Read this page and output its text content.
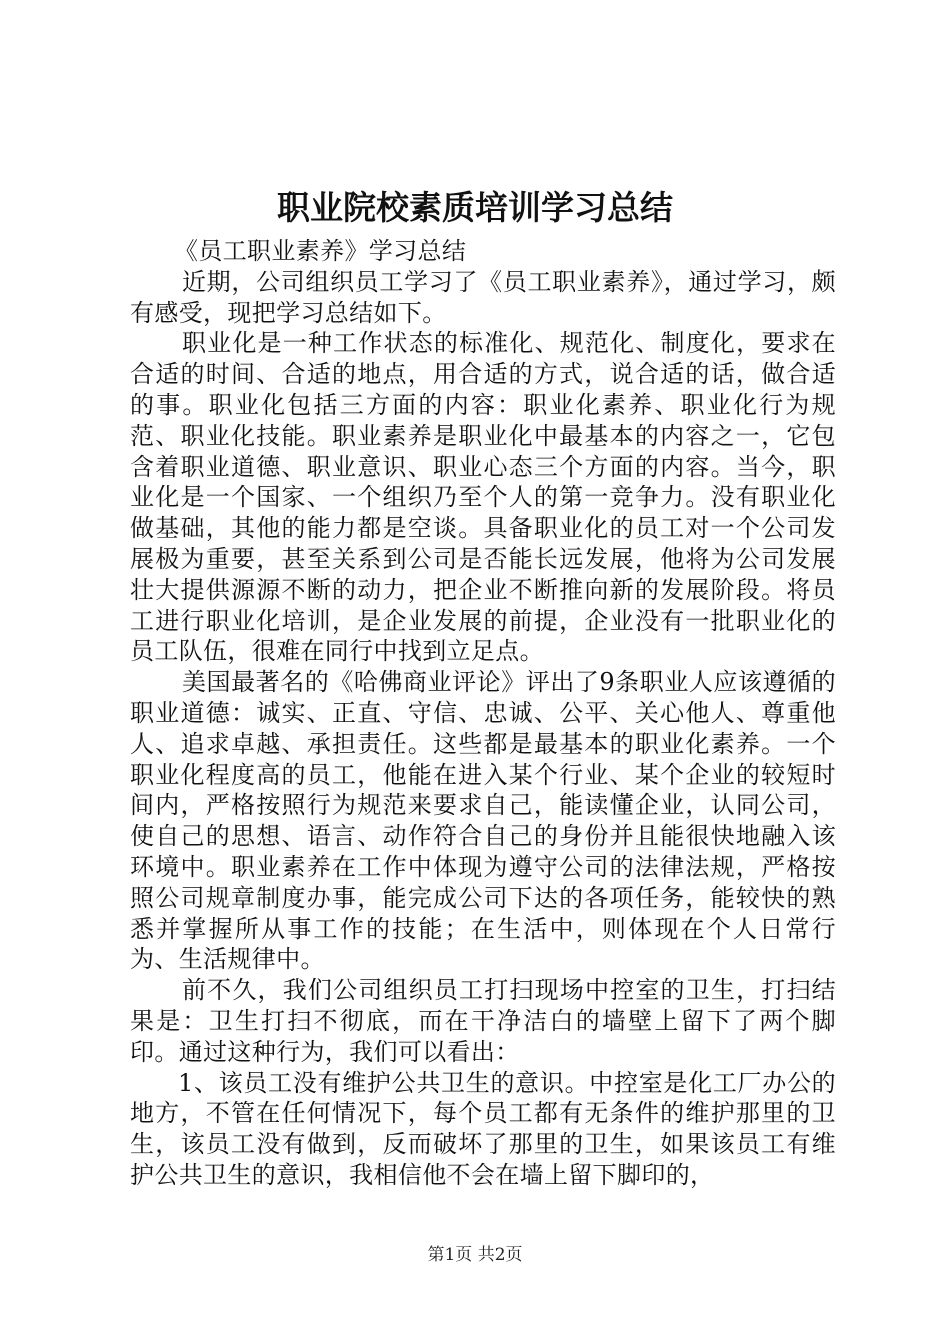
职业院校素质培训学习总结

《员工职业素养》学习总结

近期，公司组织员工学习了《员工职业素养》，通过学习，颇有感受，现把学习总结如下。

职业化是一种工作状态的标准化、规范化、制度化，要求在合适的时间、合适的地点，用合适的方式，说合适的话，做合适的事。职业化包括三方面的内容：职业化素养、职业化行为规范、职业化技能。职业素养是职业化中最基本的内容之一，它包含着职业道德、职业意识、职业心态三个方面的内容。当今，职业化是一个国家、一个组织乃至个人的第一竞争力。没有职业化做基础，其他的能力都是空谈。具备职业化的员工对一个公司发展极为重要，甚至关系到公司是否能长远发展，他将为公司发展壮大提供源源不断的动力，把企业不断推向新的发展阶段。将员工进行职业化培训，是企业发展的前提，企业没有一批职业化的员工队伍，很难在同行中找到立足点。

美国最著名的《哈佛商业评论》评出了9条职业人应该遵循的职业道德：诚实、正直、守信、忠诚、公平、关心他人、尊重他人、追求卓越、承担责任。这些都是最基本的职业化素养。一个职业化程度高的员工，他能在进入某个行业、某个企业的较短时间内，严格按照行为规范来要求自己，能读懂企业，认同公司，使自己的思想、语言、动作符合自己的身份并且能很快地融入该环境中。职业素养在工作中体现为遵守公司的法律法规，严格按照公司规章制度办事，能完成公司下达的各项任务，能较快的熟悉并掌握所从事工作的技能；在生活中，则体现在个人日常行为、生活规律中。

前不久，我们公司组织员工打扫现场中控室的卫生，打扫结果是：卫生打扫不彻底，而在干净洁白的墙壁上留下了两个脚印。通过这种行为，我们可以看出：

1、该员工没有维护公共卫生的意识。中控室是化工厂办公的地方，不管在任何情况下，每个员工都有无条件的维护那里的卫生，该员工没有做到，反而破坏了那里的卫生，如果该员工有维护公共卫生的意识，我相信他不会在墙上留下脚印的，

第1页 共2页
